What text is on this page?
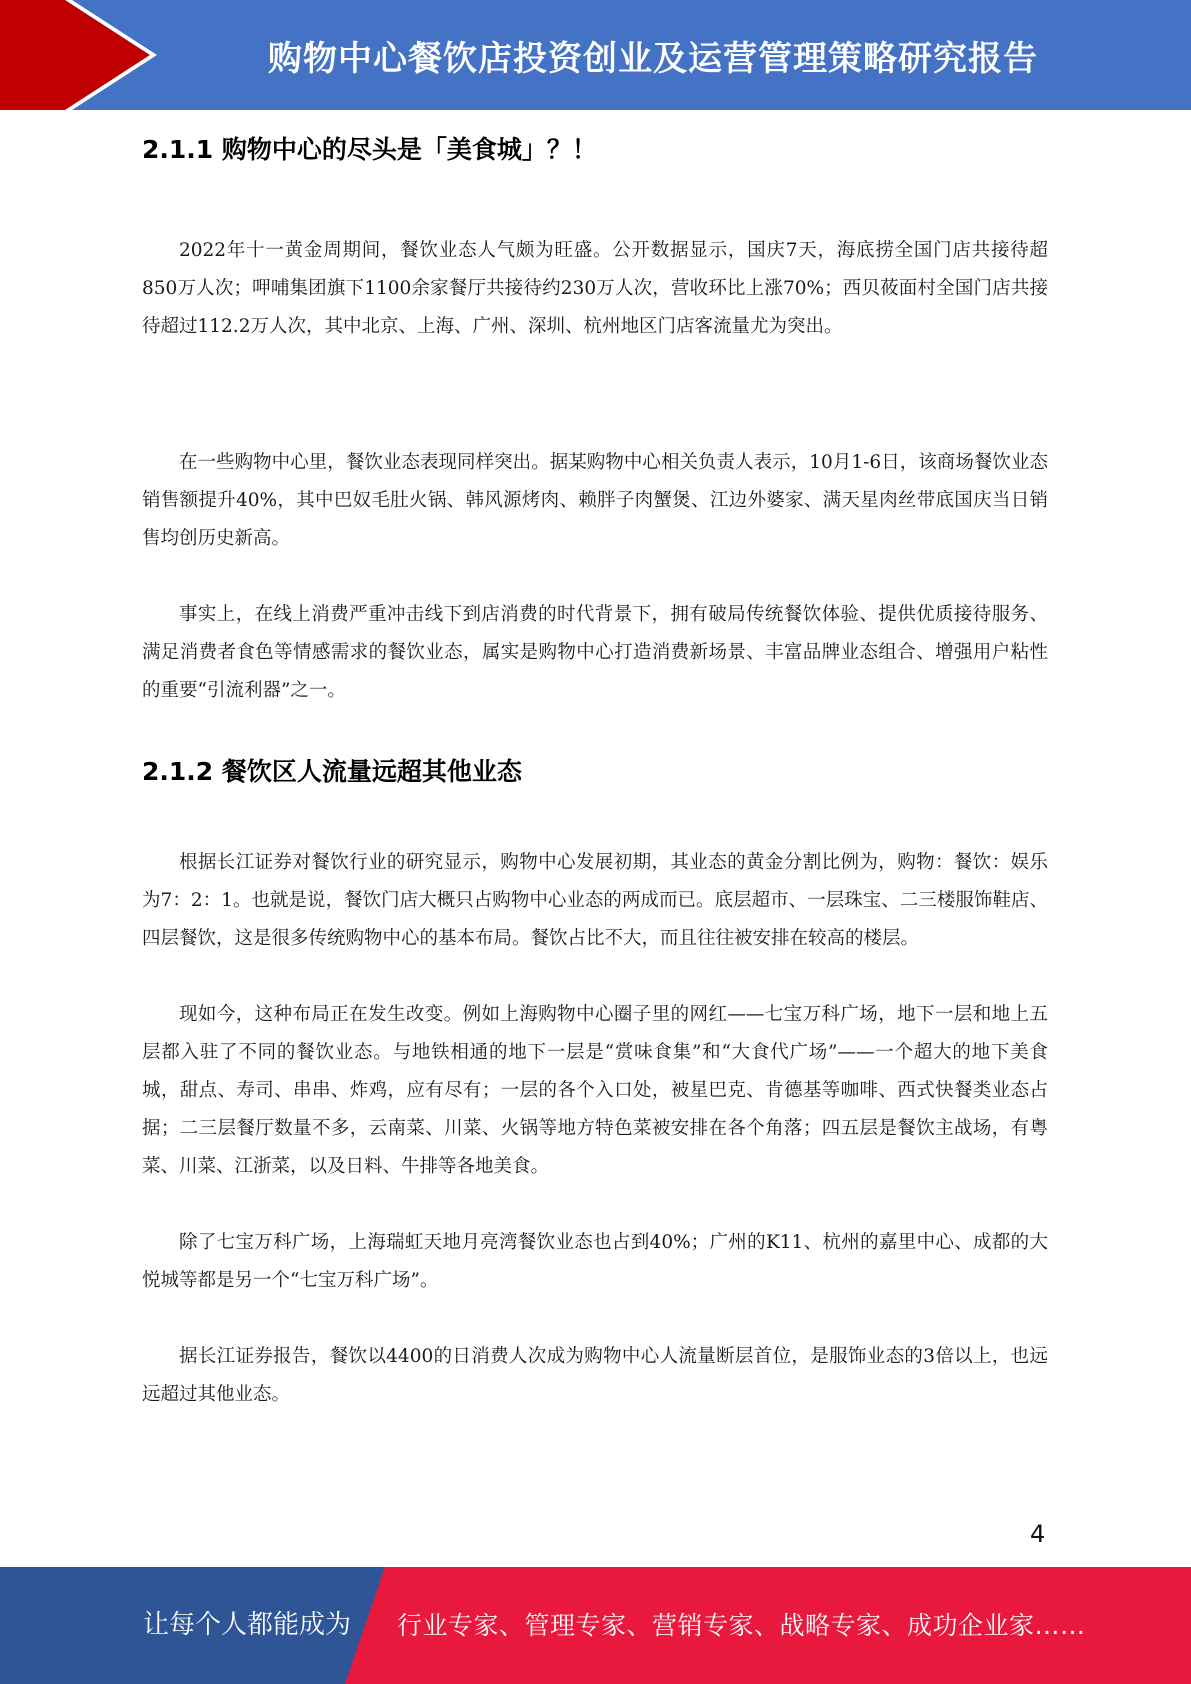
购物中心餐饮店投资创业及运营管理策略研究报告
2.1.1 购物中心的尽头是「美食城」？！

2022年十一黄金周期间，餐饮业态人气颇为旺盛。公开数据显示，国庆7天，海底捞全国门店共接待超850万人次；呷哺集团旗下1100余家餐厅共接待约230万人次，营收环比上涨70%；西贝莜面村全国门店共接待超过112.2万人次，其中北京、上海、广州、深圳、杭州地区门店客流量尤为突出。

在一些购物中心里，餐饮业态表现同样突出。据某购物中心相关负责人表示，10月1-6日，该商场餐饮业态销售额提升40%，其中巴奴毛肚火锅、韩风源烤肉、赖胖子肉蟹煲、江边外婆家、满天星肉丝带底国庆当日销售均创历史新高。

事实上，在线上消费严重冲击线下到店消费的时代背景下，拥有破局传统餐饮体验、提供优质接待服务、满足消费者食色等情感需求的餐饮业态，属实是购物中心打造消费新场景、丰富品牌业态组合、增强用户粘性的重要“引流利器”之一。

2.1.2 餐饮区人流量远超其他业态

根据长江证券对餐饮行业的研究显示，购物中心发展初期，其业态的黄金分割比例为，购物：餐饮：娱乐为7：2：1。也就是说，餐饮门店大概只占购物中心业态的两成而已。底层超市、一层珠宝、二三楼服饰鞋店、四层餐饮，这是很多传统购物中心的基本布局。餐饮占比不大，而且往往被安排在较高的楼层。

现如今，这种布局正在发生改变。例如上海购物中心圈子里的网红——七宝万科广场，地下一层和地上五层都入驻了不同的餐饮业态。与地铁相通的地下一层是“赏味食集”和“大食代广场”——一个超大的地下美食城，甜点、寿司、串串、炸鸡，应有尽有；一层的各个入口处，被星巴克、肯德基等咖啡、西式快餐类业态占据；二三层餐厅数量不多，云南菜、川菜、火锅等地方特色菜被安排在各个角落；四五层是餐饮主战场，有粤菜、川菜、江浙菜，以及日料、牛排等各地美食。

除了七宝万科广场，上海瑞虹天地月亮湾餐饮业态也占到40%；广州的K11、杭州的嘉里中心、成都的大悦城等都是另一个“七宝万科广场”。

据长江证券报告，餐饮以4400的日消费人次成为购物中心人流量断层首位，是服饰业态的3倍以上，也远远超过其他业态。

4
让每个人都能成为 行业专家、管理专家、营销专家、战略专家、成功企业家……
